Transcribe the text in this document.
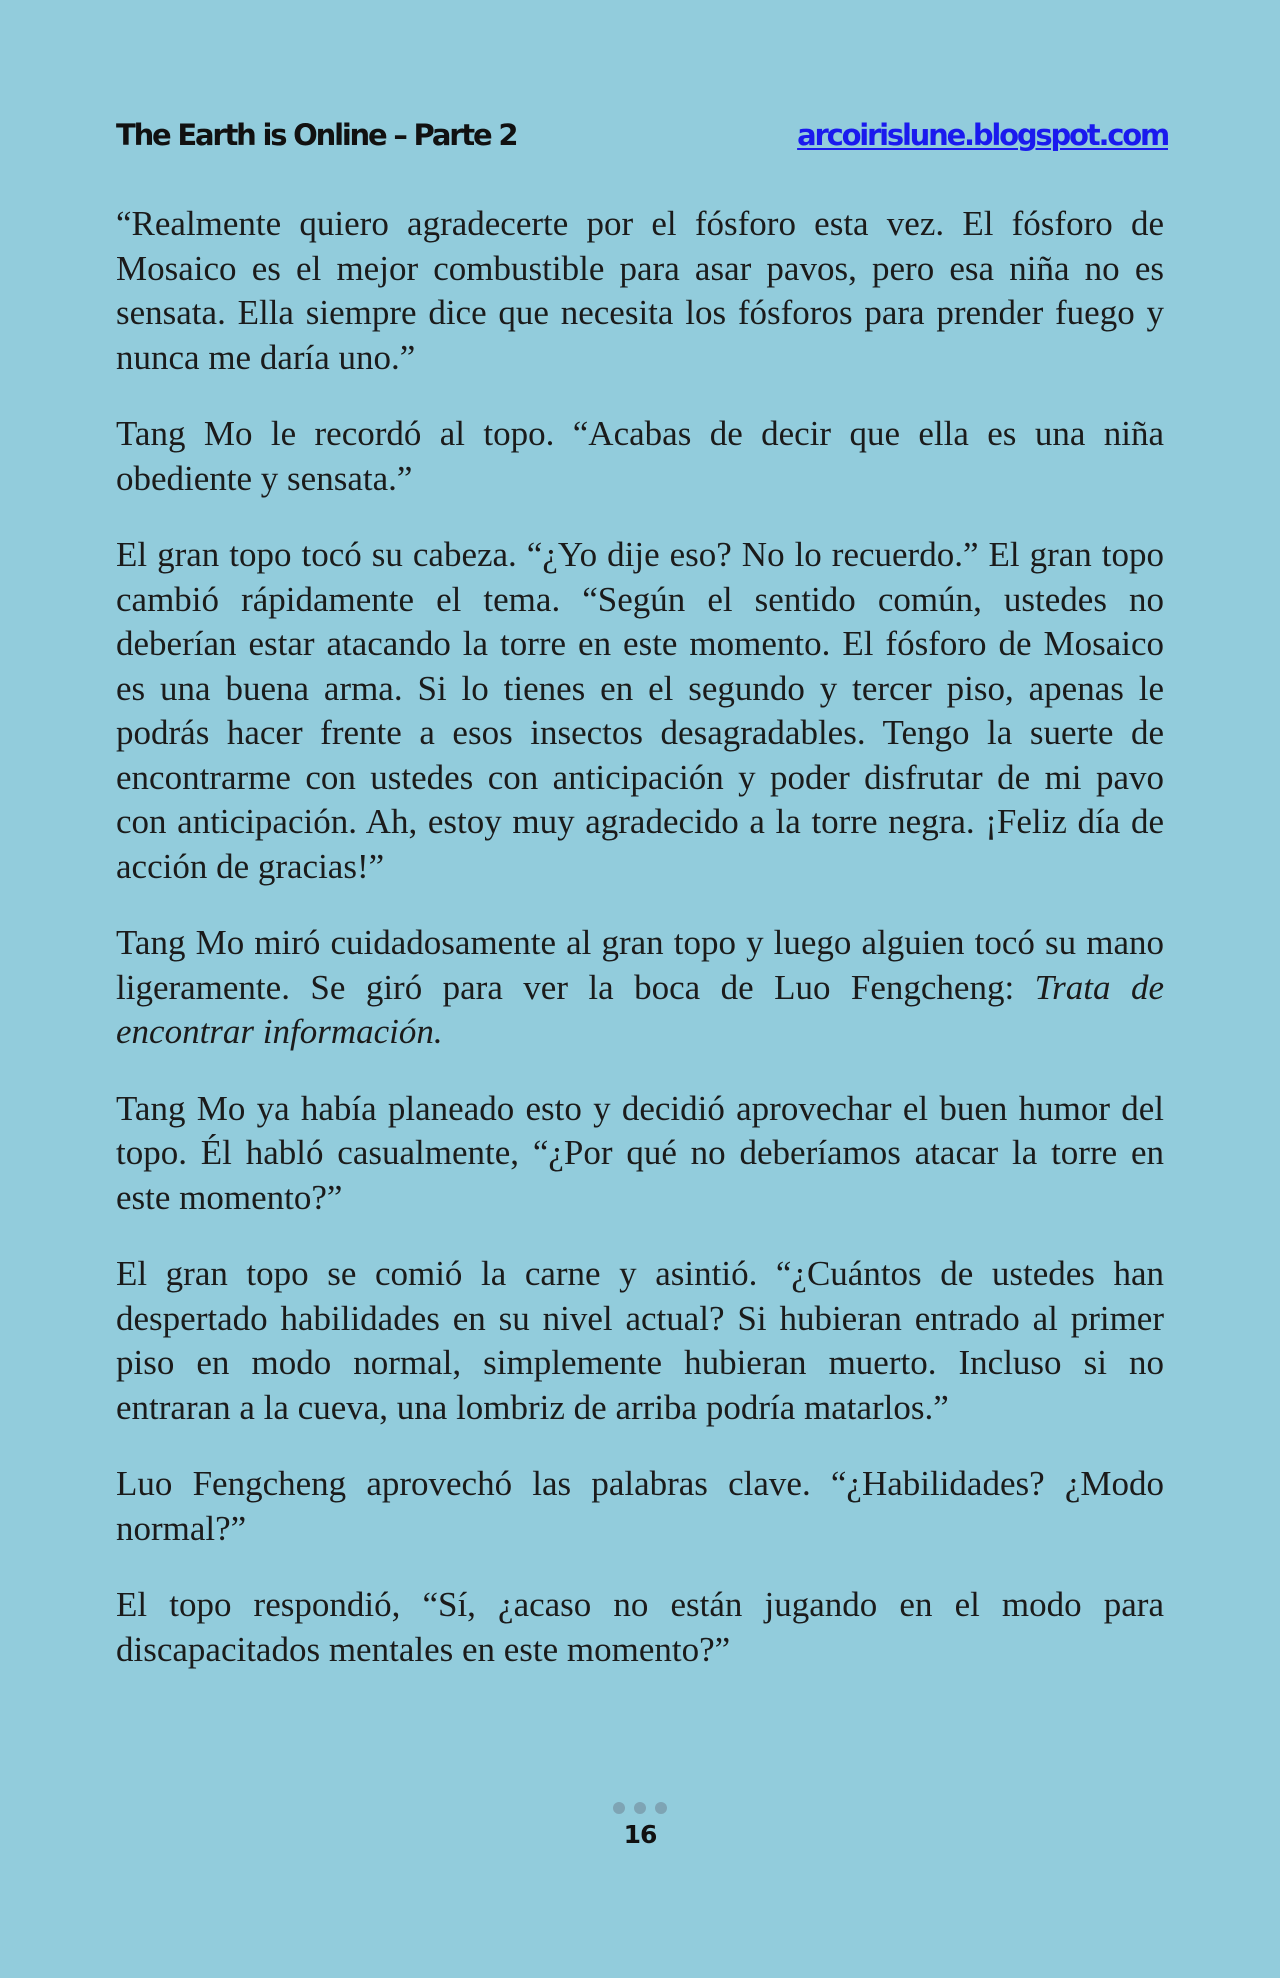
The Earth is Online – Parte 2	arcoirislune.blogspot.com

“Realmente quiero agradecerte por el fósforo esta vez. El fósforo de Mosaico es el mejor combustible para asar pavos, pero esa niña no es sensata. Ella siempre dice que necesita los fósforos para prender fuego y nunca me daría uno.”

Tang Mo le recordó al topo. “Acabas de decir que ella es una niña obediente y sensata.”

El gran topo tocó su cabeza. “¿Yo dije eso? No lo recuerdo.” El gran topo cambió rápidamente el tema. “Según el sentido común, ustedes no deberían estar atacando la torre en este momento. El fósforo de Mosaico es una buena arma. Si lo tienes en el segundo y tercer piso, apenas le podrás hacer frente a esos insectos desagradables. Tengo la suerte de encontrarme con ustedes con anticipación y poder disfrutar de mi pavo con anticipación. Ah, estoy muy agradecido a la torre negra. ¡Feliz día de acción de gracias!”

Tang Mo miró cuidadosamente al gran topo y luego alguien tocó su mano ligeramente. Se giró para ver la boca de Luo Fengcheng: Trata de encontrar información.

Tang Mo ya había planeado esto y decidió aprovechar el buen humor del topo. Él habló casualmente, “¿Por qué no deberíamos atacar la torre en este momento?”

El gran topo se comió la carne y asintió. “¿Cuántos de ustedes han despertado habilidades en su nivel actual? Si hubieran entrado al primer piso en modo normal, simplemente hubieran muerto. Incluso si no entraran a la cueva, una lombriz de arriba podría matarlos.”

Luo Fengcheng aprovechó las palabras clave. “¿Habilidades? ¿Modo normal?”

El topo respondió, “Sí, ¿acaso no están jugando en el modo para discapacitados mentales en este momento?”

16
